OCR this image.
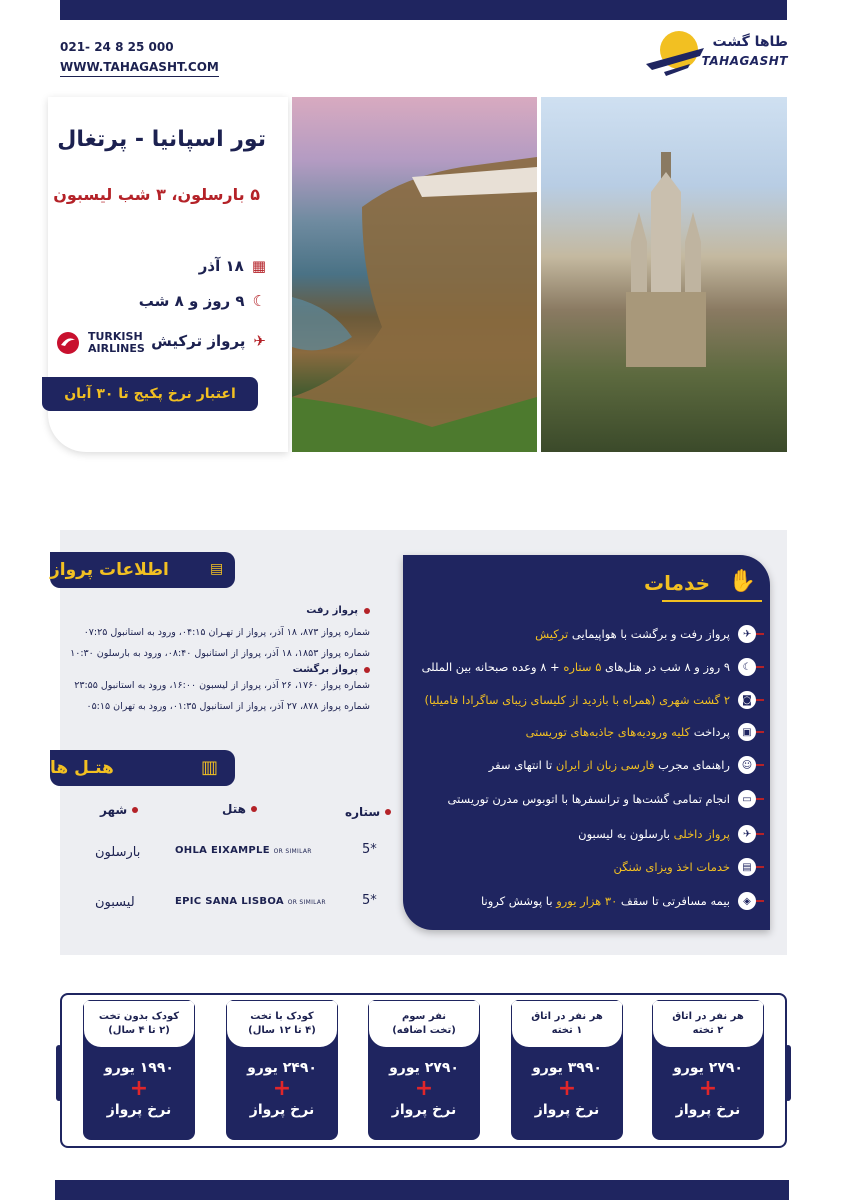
021- 24 8 25 000
WWW.TAHAGASHT.COM
طاها گشت
TAHAGASHT
تور اسپانیا - پرتغال
۵ بارسلون، ۳ شب لیسبون
▦
۱۸ آذر
☾
۹ روز و ۸ شب
✈
پرواز ترکیش
TURKISH
AIRLINES
اعتبار نرخ پکیج تا ۳۰ آبان
اطلاعات پرواز	▤
پرواز رفت
شماره پرواز ۸۷۳، ۱۸ آذر، پرواز از تهـران ۰۴:۱۵، ورود به استانبول ۰۷:۲۵
شماره پرواز ۱۸۵۳، ۱۸ آذر، پرواز از استانبول ۰۸:۴۰، ورود به بارسلون ۱۰:۳۰
پرواز برگشت
شماره پرواز ۱۷۶۰، ۲۶ آذر، پرواز از لیسبون ۱۶:۰۰، ورود به استانبول ۲۳:۵۵
شماره پرواز ۸۷۸، ۲۷ آذر، پرواز از استانبول ۰۱:۳۵، ورود به تهران ۰۵:۱۵
هتـل ها	▥
ستاره
هتل
شهر
5*
OHLA EIXAMPLE OR SIMILAR
بارسلون
5*
EPIC SANA LISBOA OR SIMILAR
لیسبون
خدمات ✋
✈
پرواز رفت و برگشت با هواپیمایی ترکیش
☾
۹ روز و ۸ شب در هتل‌های ۵ ستاره + ۸ وعده صبحانه بین المللی
◙
۲ گشت شهری (همراه با بازدید از کلیسای زیبای ساگرادا فامیلیا)
▣
پرداخت کلیه ورودیه‌های جاذبه‌های توریستی
☺
راهنمای مجرب فارسی زبان از ایران تا انتهای سفر
▭
انجام تمامی گشت‌ها و ترانسفرها با اتوبوس مدرن توریستی
✈
پرواز داخلی بارسلون به لیسبون
▤
خدمات اخذ ویزای شنگن
◈
بیمه مسافرتی تا سقف ۳۰ هزار یورو با پوشش کرونا
هر نفر در اتاق
۲ تخته
۲۷۹۰ یورو
+
نرخ پرواز
هر نفر در اتاق
۱ تخته
۳۹۹۰ یورو
+
نرخ پرواز
نفر سوم
(تخت اضافه)
۲۷۹۰ یورو
+
نرخ پرواز
کودک با تخت
(۴ تا ۱۲ سال)
۲۴۹۰ یورو
+
نرخ پرواز
کودک بدون تخت
(۲ تا ۴ سال)
۱۹۹۰ یورو
+
نرخ پرواز
